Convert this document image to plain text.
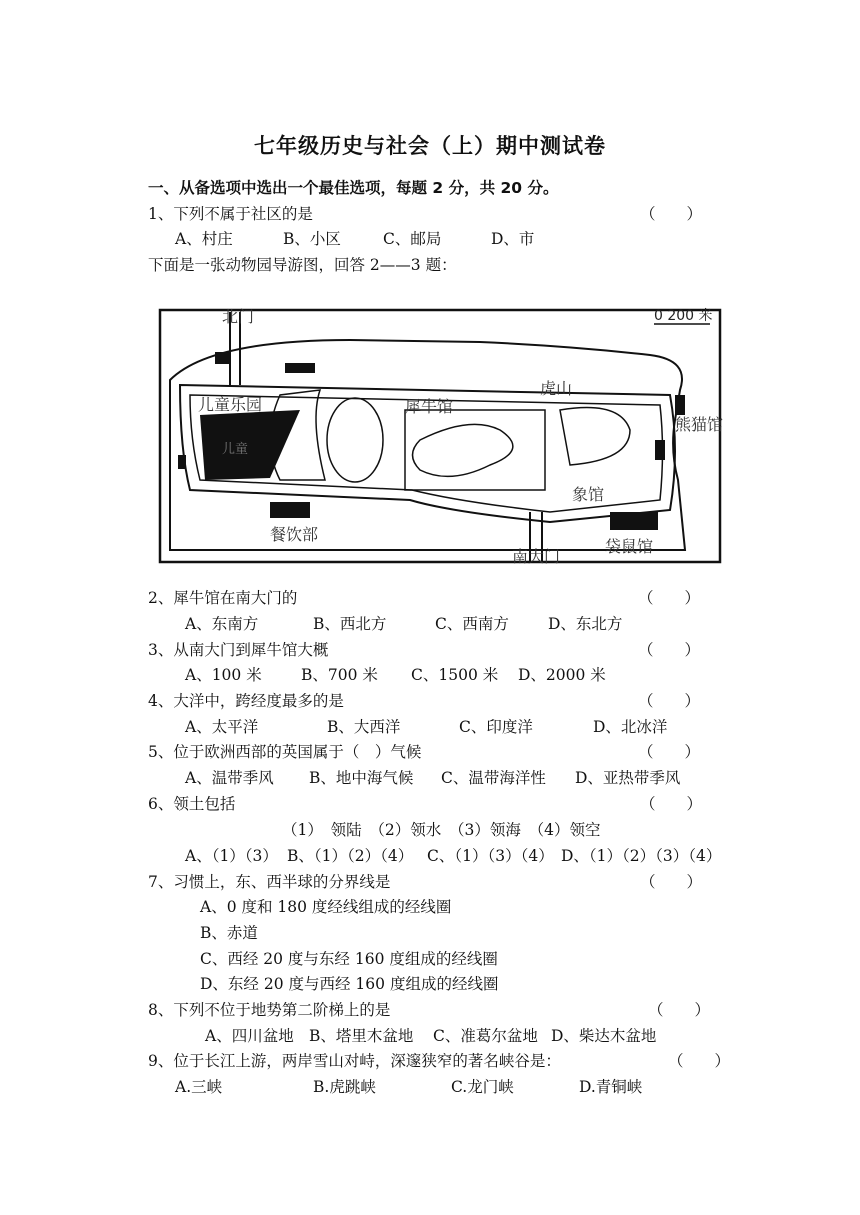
七年级历史与社会（上）期中测试卷
一、从备选项中选出一个最佳选项，每题 2 分，共 20 分。
1、下列不属于社区的是	（　　）
A、村庄	B、小区	C、邮局	D、市
下面是一张动物园导游图，回答 2——3 题：
0 200 米
北门
儿童乐园
儿童
犀牛馆
虎山
熊猫馆
象馆
餐饮部
南大门
袋鼠馆
2、犀牛馆在南大门的	（　　）
A、东南方	B、西北方	C、西南方	D、东北方
3、从南大门到犀牛馆大概	（　　）
A、100 米	B、700 米 C、1500 米 D、2000 米
4、大洋中，跨经度最多的是	（　　）
A、太平洋	B、大西洋	C、印度洋	D、北冰洋
5、位于欧洲西部的英国属于（　）气候	（　　）
A、温带季风 B、地中海气候 C、温带海洋性 D、亚热带季风
6、领土包括	（　　）
（1）　领陆　（2）领水　（3）领海　（4）领空
A、（1）（3） B、（1）（2）（4） C、（1）（3）（4） D、（1）（2）（3）（4）
7、习惯上，东、西半球的分界线是	（　　）
A、0 度和 180 度经线组成的经线圈
B、赤道
C、西经 20 度与东经 160 度组成的经线圈
D、东经 20 度与西经 160 度组成的经线圈
8、下列不位于地势第二阶梯上的是	（　　）
A、四川盆地 B、塔里木盆地 C、准葛尔盆地 D、柴达木盆地
9、位于长江上游，两岸雪山对峙，深邃狭窄的著名峡谷是：	（　　）
A.三峡	B.虎跳峡	C.龙门峡	D.青铜峡
